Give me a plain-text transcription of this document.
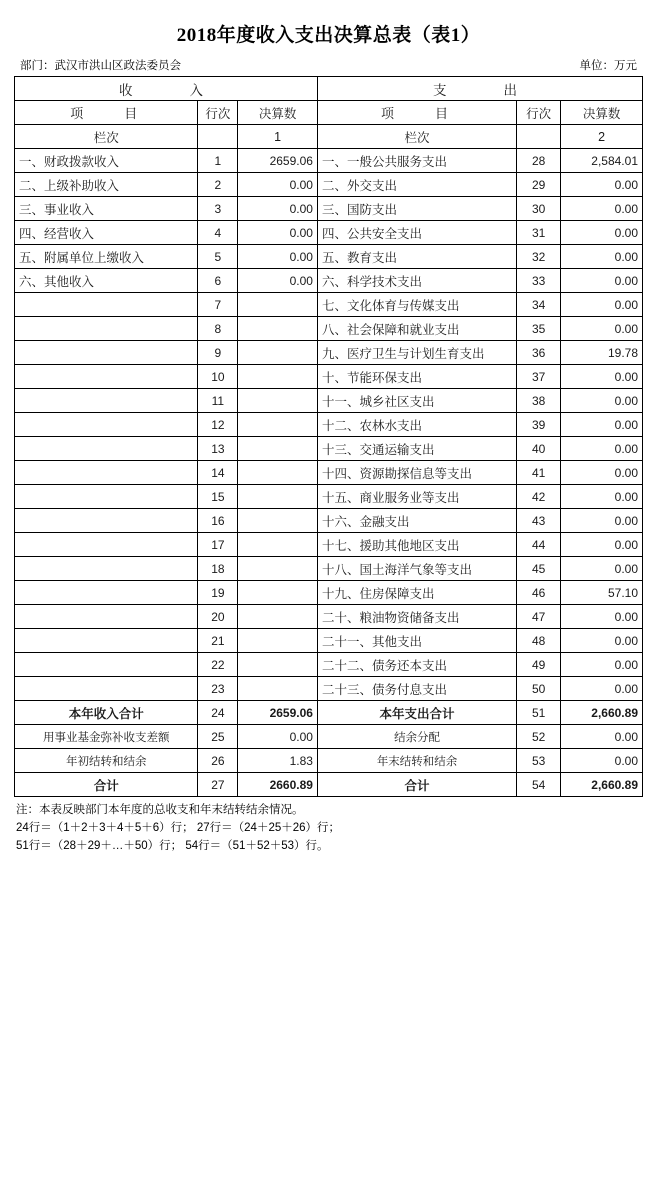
2018年度收入支出决算总表（表1）
部门：武汉市洪山区政法委员会	单位：万元
收　　入			支　　出		
项　　目	行次	决算数	项　　目	行次	决算数
栏次		1	栏次		2
一、财政拨款收入	1	2659.06	一、一般公共服务支出	28	2,584.01
二、上级补助收入	2	0.00	二、外交支出	29	0.00
三、事业收入	3	0.00	三、国防支出	30	0.00
四、经营收入	4	0.00	四、公共安全支出	31	0.00
五、附属单位上缴收入	5	0.00	五、教育支出	32	0.00
六、其他收入	6	0.00	六、科学技术支出	33	0.00
	7		七、文化体育与传媒支出	34	0.00
	8		八、社会保障和就业支出	35	0.00
	9		九、医疗卫生与计划生育支出	36	19.78
	10		十、节能环保支出	37	0.00
	11		十一、城乡社区支出	38	0.00
	12		十二、农林水支出	39	0.00
	13		十三、交通运输支出	40	0.00
	14		十四、资源勘探信息等支出	41	0.00
	15		十五、商业服务业等支出	42	0.00
	16		十六、金融支出	43	0.00
	17		十七、援助其他地区支出	44	0.00
	18		十八、国土海洋气象等支出	45	0.00
	19		十九、住房保障支出	46	57.10
	20		二十、粮油物资储备支出	47	0.00
	21		二十一、其他支出	48	0.00
	22		二十二、债务还本支出	49	0.00
	23		二十三、债务付息支出	50	0.00
本年收入合计	24	2659.06	本年支出合计	51	2,660.89
用事业基金弥补收支差额	25	0.00	结余分配	52	0.00
年初结转和结余	26	1.83	年末结转和结余	53	0.00
合计	27	2660.89	合计	54	2,660.89
注：本表反映部门本年度的总收支和年末结转结余情况。
24行＝（1＋2＋3＋4＋5＋6）行； 27行＝（24＋25＋26）行；
51行＝（28＋29＋…＋50）行； 54行＝（51＋52＋53）行。
